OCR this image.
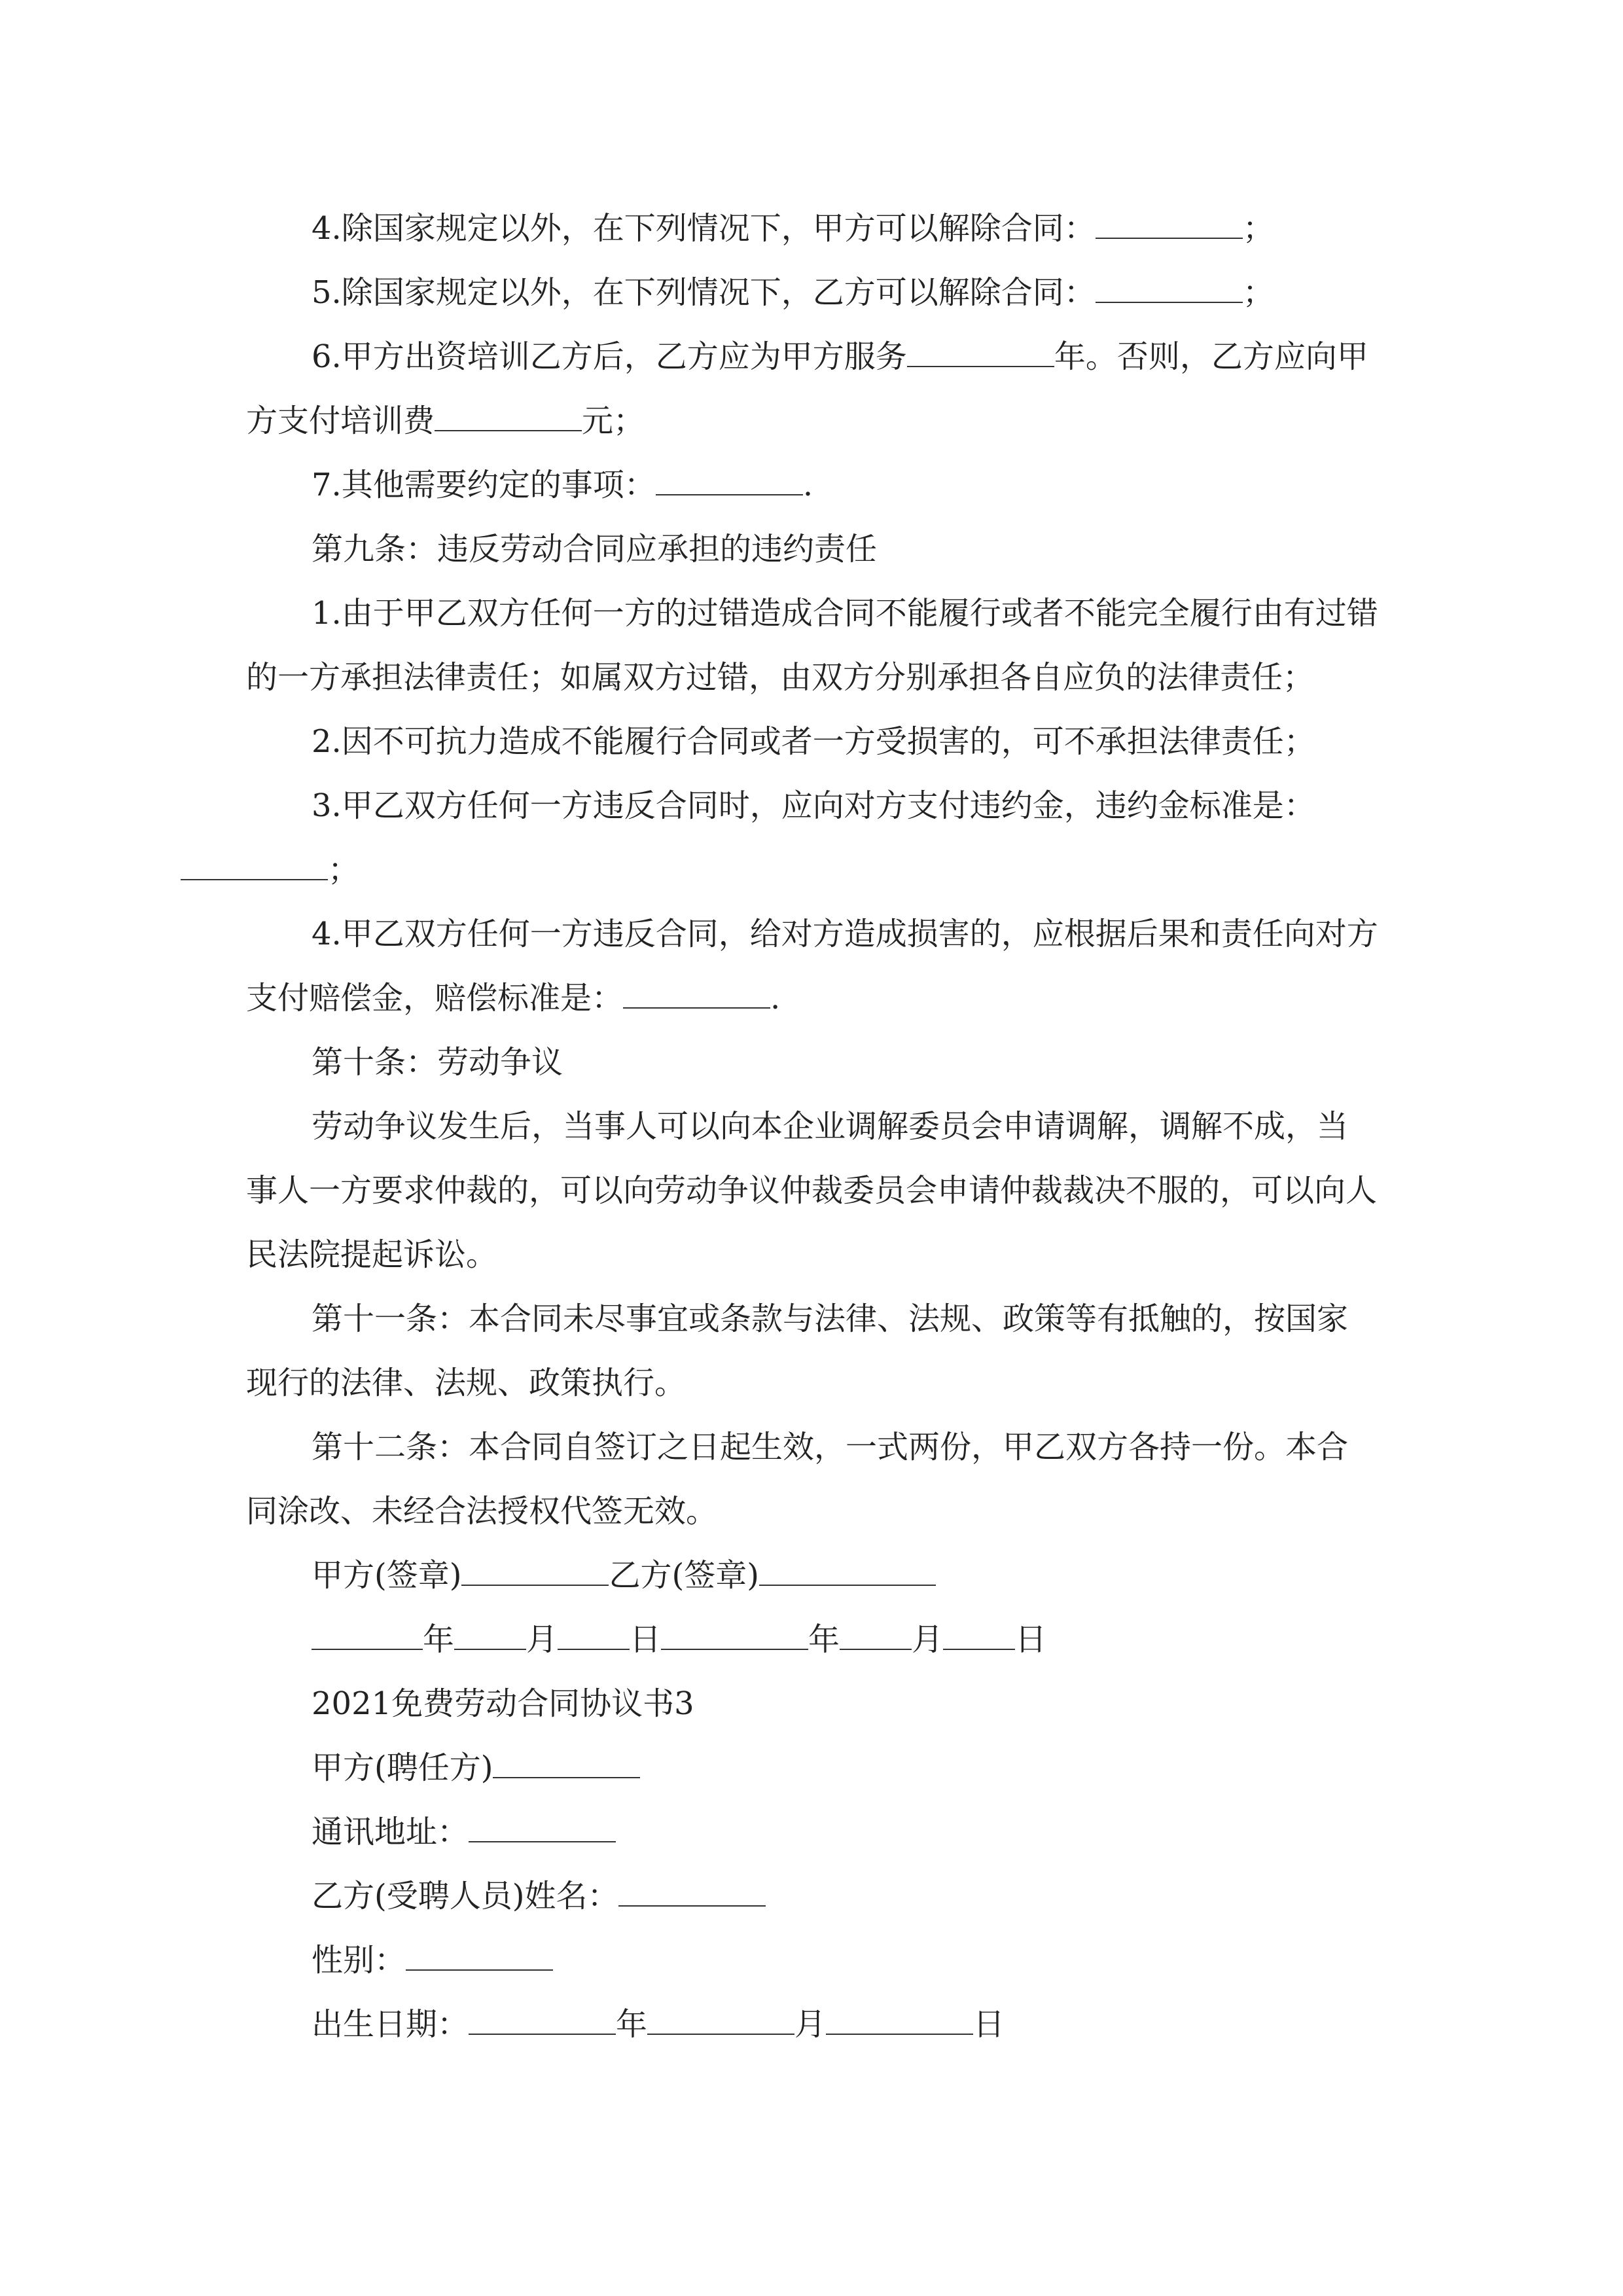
4.除国家规定以外，在下列情况下，甲方可以解除合同：	；

5.除国家规定以外，在下列情况下，乙方可以解除合同：	；

6.甲方出资培训乙方后，乙方应为甲方服务	年。否则，乙方应向甲方支付培训费	元；

7.其他需要约定的事项：	.

第九条：违反劳动合同应承担的违约责任

1.由于甲乙双方任何一方的过错造成合同不能履行或者不能完全履行由有过错的一方承担法律责任；如属双方过错，由双方分别承担各自应负的法律责任；

2.因不可抗力造成不能履行合同或者一方受损害的，可不承担法律责任；

3.甲乙双方任何一方违反合同时，应向对方支付违约金，违约金标准是：
；

4.甲乙双方任何一方违反合同，给对方造成损害的，应根据后果和责任向对方支付赔偿金，赔偿标准是：	.

第十条：劳动争议

劳动争议发生后，当事人可以向本企业调解委员会申请调解，调解不成，当事人一方要求仲裁的，可以向劳动争议仲裁委员会申请仲裁裁决不服的，可以向人民法院提起诉讼。

第十一条：本合同未尽事宜或条款与法律、法规、政策等有抵触的，按国家现行的法律、法规、政策执行。

第十二条：本合同自签订之日起生效，一式两份，甲乙双方各持一份。本合同涂改、未经合法授权代签无效。

甲方(签章)	乙方(签章)

年 月 日	年 月 日

2021免费劳动合同协议书3

甲方(聘任方)

通讯地址：

乙方(受聘人员)姓名：

性别：

出生日期：	年	月	日
